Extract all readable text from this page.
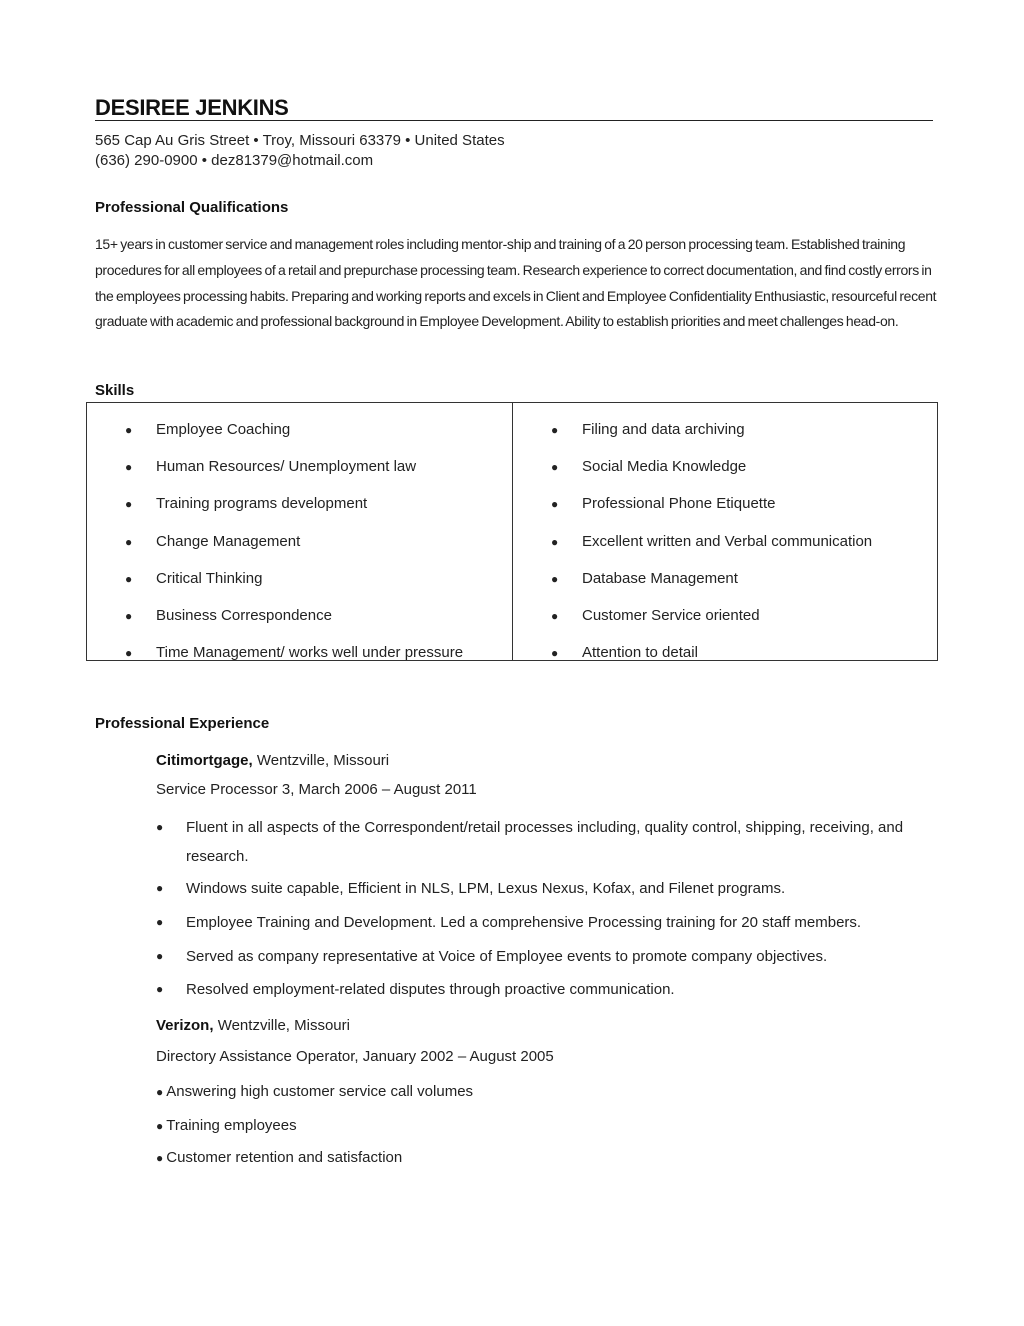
DESIREE JENKINS
565 Cap Au Gris Street • Troy, Missouri 63379 • United States
(636) 290-0900 • dez81379@hotmail.com
Professional Qualifications
15+ years in customer service and management roles including mentor-ship and training of a 20 person processing team. Established training procedures for all employees of a retail and prepurchase processing team. Research experience to correct documentation, and find costly errors in the employees processing habits. Preparing and working reports and excels in Client and Employee Confidentiality Enthusiastic, resourceful recent graduate with academic and professional background in Employee Development. Ability to establish priorities and meet challenges head-on.
Skills
● Employee Coaching
● Human Resources/ Unemployment law
● Training programs development
● Change Management
● Critical Thinking
● Business Correspondence
● Time Management/ works well under pressure
● Filing and data archiving
● Social Media Knowledge
● Professional Phone Etiquette
● Excellent written and Verbal communication
● Database Management
● Customer Service oriented
● Attention to detail
Professional Experience
Citimortgage, Wentzville, Missouri
Service Processor 3, March 2006 – August 2011
● Fluent in all aspects of the Correspondent/retail processes including, quality control, shipping, receiving, and research.
● Windows suite capable, Efficient in NLS, LPM, Lexus Nexus, Kofax, and Filenet programs.
● Employee Training and Development. Led a comprehensive Processing training for 20 staff members.
● Served as company representative at Voice of Employee events to promote company objectives.
● Resolved employment-related disputes through proactive communication.
Verizon, Wentzville, Missouri
Directory Assistance Operator, January 2002 – August 2005
● Answering high customer service call volumes
● Training employees
● Customer retention and satisfaction
